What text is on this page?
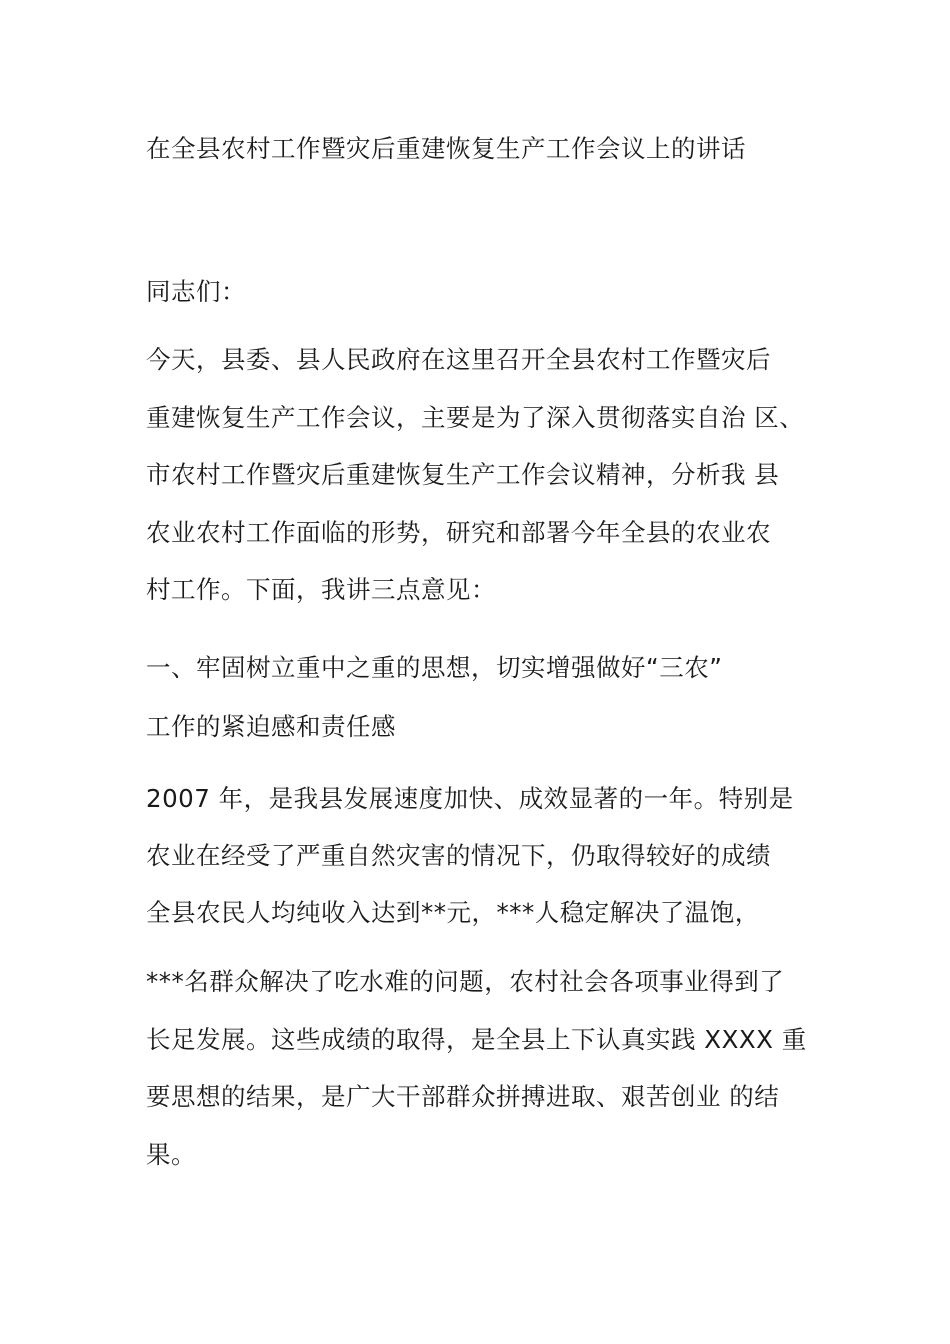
在全县农村工作暨灾后重建恢复生产工作会议上的讲话
同志们：
今天，县委、县人民政府在这里召开全县农村工作暨灾后
重建恢复生产工作会议，主要是为了深入贯彻落实自治 区、
市农村工作暨灾后重建恢复生产工作会议精神，分析我 县
农业农村工作面临的形势，研究和部署今年全县的农业农
村工作。下面，我讲三点意见：
一、牢固树立重中之重的思想，切实增强做好“三农”
工作的紧迫感和责任感
2007 年，是我县发展速度加快、成效显著的一年。特别是
农业在经受了严重自然灾害的情况下，仍取得较好的成绩
全县农民人均纯收入达到**元，***人稳定解决了温饱，
***名群众解决了吃水难的问题，农村社会各项事业得到了
长足发展。这些成绩的取得，是全县上下认真实践 XXXX 重
要思想的结果，是广大干部群众拼搏进取、艰苦创业 的结
果。
